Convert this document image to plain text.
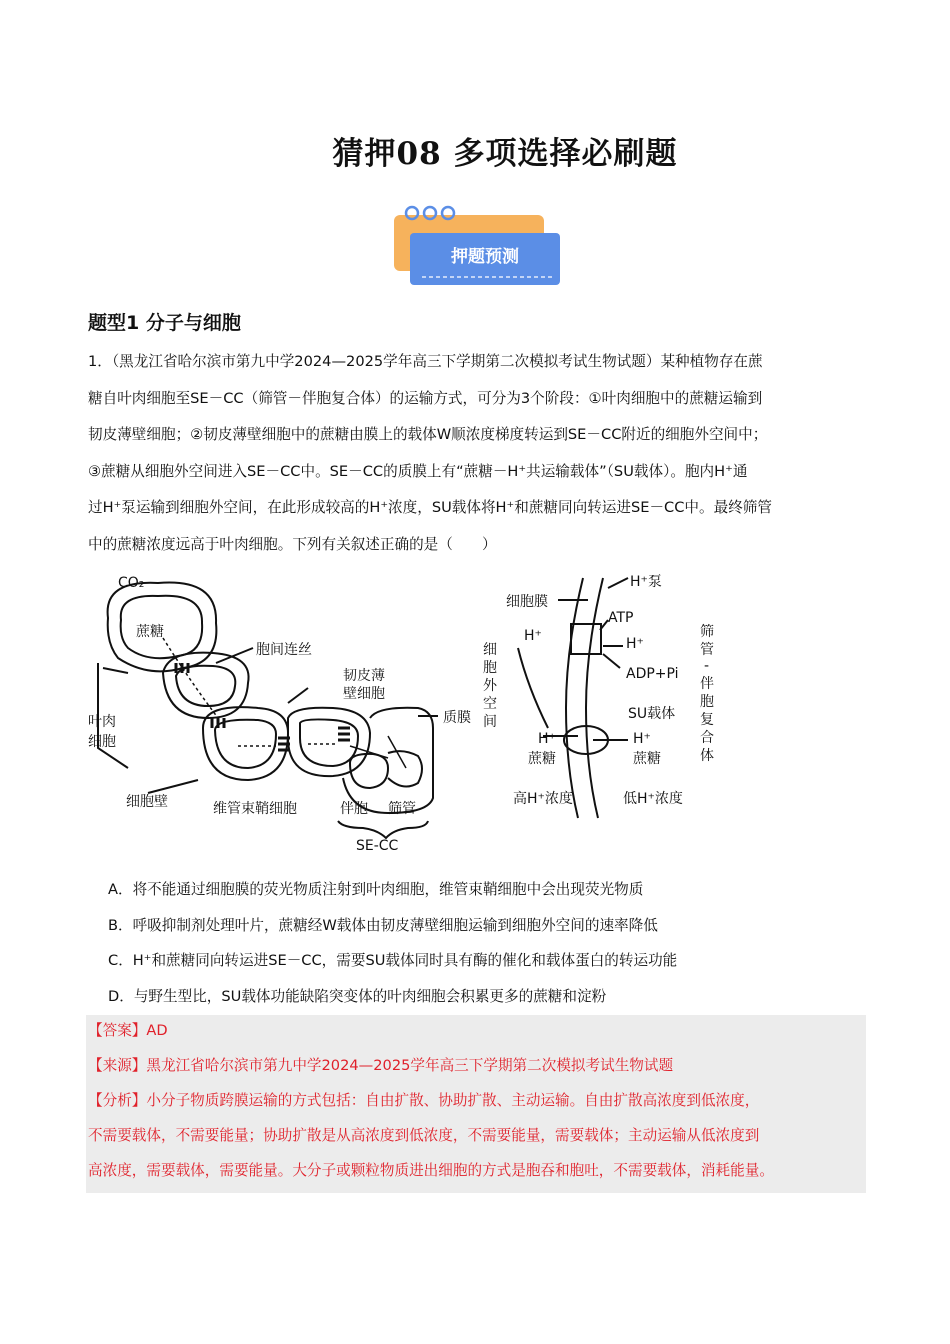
猜押08 多项选择必刷题
押题预测
题型1 分子与细胞
1．（黑龙江省哈尔滨市第九中学2024—2025学年高三下学期第二次模拟考试生物试题）某种植物存在蔗
糖自叶肉细胞至SE－CC（筛管－伴胞复合体）的运输方式，可分为3个阶段：①叶肉细胞中的蔗糖运输到
韧皮薄壁细胞；②韧皮薄壁细胞中的蔗糖由膜上的载体W顺浓度梯度转运到SE－CC附近的细胞外空间中；
③蔗糖从细胞外空间进入SE－CC中。SE－CC的质膜上有“蔗糖－H⁺共运输载体”（SU载体）。胞内H⁺通
过H⁺泵运输到细胞外空间，在此形成较高的H⁺浓度，SU载体将H⁺和蔗糖同向转运进SE－CC中。最终筛管
中的蔗糖浓度远高于叶肉细胞。下列有关叙述正确的是（　　）
CO₂
蔗糖
胞间连丝
韧皮薄
壁细胞
质膜
叶肉
细胞
细胞壁	维管束鞘细胞	伴胞 筛管
SE-CC
细胞膜
H⁺泵
ATP
H⁺	H⁺
ADP+Pi
细
胞
外
空
间	SU载体
H⁺	H⁺
蔗糖	蔗糖
高H⁺浓度	低H⁺浓度
筛
管
-
伴
胞
复
合
体
A．将不能通过细胞膜的荧光物质注射到叶肉细胞，维管束鞘细胞中会出现荧光物质
B．呼吸抑制剂处理叶片，蔗糖经W载体由韧皮薄壁细胞运输到细胞外空间的速率降低
C．H⁺和蔗糖同向转运进SE－CC，需要SU载体同时具有酶的催化和载体蛋白的转运功能
D．与野生型比，SU载体功能缺陷突变体的叶肉细胞会积累更多的蔗糖和淀粉
【答案】AD
【来源】黑龙江省哈尔滨市第九中学2024—2025学年高三下学期第二次模拟考试生物试题
【分析】小分子物质跨膜运输的方式包括：自由扩散、协助扩散、主动运输。自由扩散高浓度到低浓度，
不需要载体，不需要能量；协助扩散是从高浓度到低浓度，不需要能量，需要载体；主动运输从低浓度到
高浓度，需要载体，需要能量。大分子或颗粒物质进出细胞的方式是胞吞和胞吐，不需要载体，消耗能量。
